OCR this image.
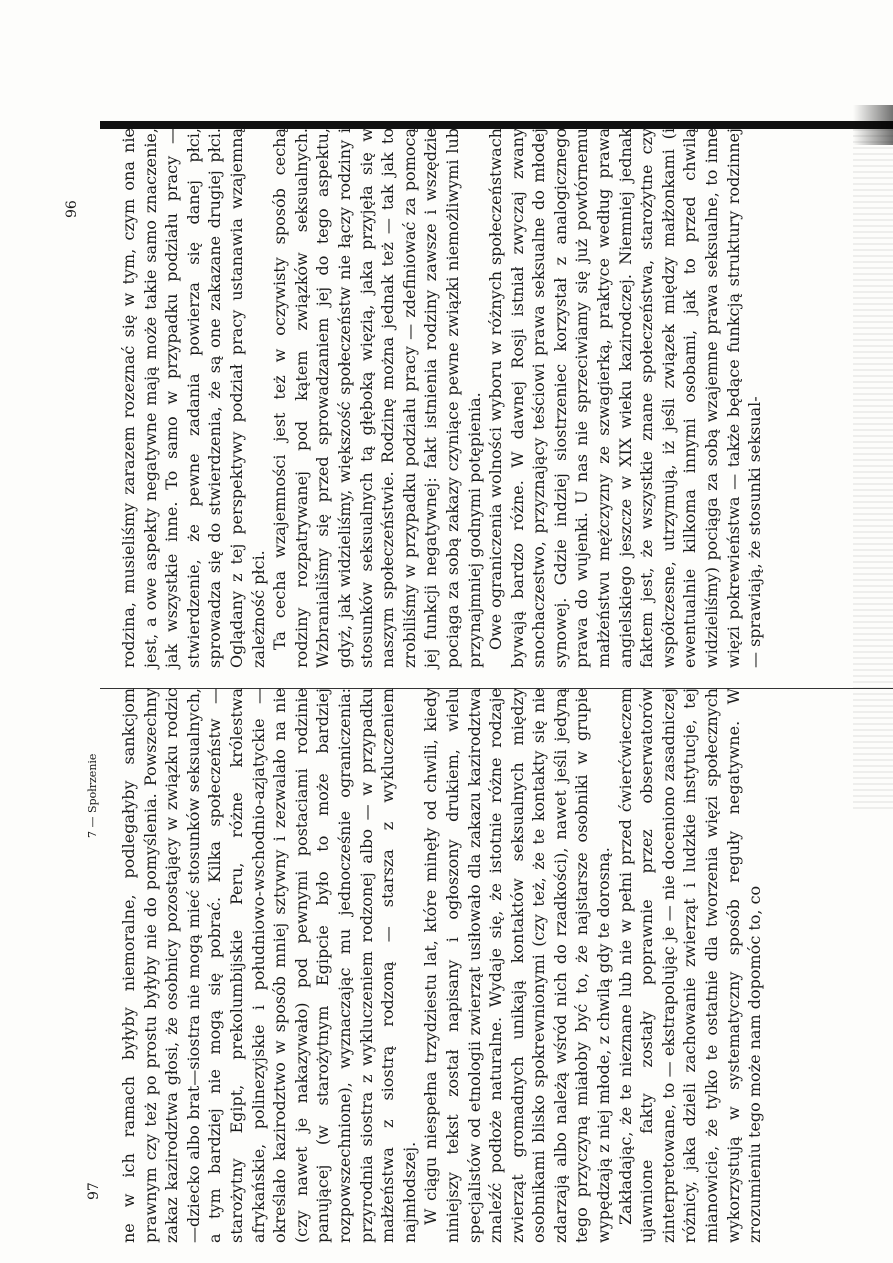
rodzina, musieliśmy zarazem rozeznać się w tym, czym ona nie jest, a owe aspekty negatywne mają może takie samo znaczenie, jak wszystkie inne. To samo w przypadku podziału pracy — stwierdzenie, że pewne zadania powierza się danej płci, sprowadza się do stwierdzenia, że są one zakazane drugiej płci. Oglądany z tej perspektywy podział pracy ustanawia wzajemną zależność płci. Ta cecha wzajemności jest też w oczywisty sposób cechą rodziny rozpatrywanej pod kątem związków seksualnych. Wzbraniališmy się przed sprowadzaniem jej do tego aspektu, gdyż, jak widzieliśmy, większość społeczeństw nie łączy rodziny i stosunków seksualnych tą głęboką więzią, jaka przyjęła się w naszym społeczeństwie. Rodzinę można jednak też — tak jak to zrobiliśmy w przypadku podziału pracy — zdefiniować za pomocą jej funkcji negatywnej: fakt istnienia rodziny zawsze i wszędzie pociąga za sobą zakazy czyniące pewne związki niemożliwymi lub przynajmniej godnymi potępienia. Owe ograniczenia wolności wyboru w różnych społeczeństwach bywają bardzo różne. W dawnej Rosji istniał zwyczaj zwany snochaczestwo, przyznający teściowi prawa seksualne do młodej synowej. Gdzie indziej siostrzeniec korzystał z analogicznego prawa do wujenki. U nas nie sprzeciwiamy się już powtórnemu małżeństwu mężczyzny ze szwagierką, praktyce według prawa angielskiego jeszcze w XIX wieku kazirodczej. Niemniej jednak faktem jest, że wszystkie znane społeczeństwa, starożytne czy współczesne, utrzymują, iż jeśli związek między małżonkami (i ewentualnie kilkoma innymi osobami, jak to przed chwilą widzieliśmy) pociąga za sobą wzajemne prawa seksualne, to inne więzi pokrewieństwa — także będące funkcją struktury rodzinnej — sprawiają, że stosunki seksual-

96

ne w ich ramach byłyby niemoralne, podlegałyby sankcjom prawnym czy też po prostu byłyby nie do pomyślenia. Powszechny zakaz kazirodztwa głosi, że osobnicy pozostający w związku rodzic—dziecko albo brat—siostra nie mogą mieć stosunków seksualnych, a tym bardziej nie mogą się pobrać. Kilka społeczeństw — starożytny Egipt, prekolumbijskie Peru, różne królestwa afrykańskie, polinezyjskie i południowo-wschodnio-azjatyckie — określało kazirodztwo w sposób mniej sztywny i zezwalało na nie (czy nawet je nakazywało) pod pewnymi postaciami rodzinie panującej (w starożytnym Egipcie było to może bardziej rozpowszechnione), wyznaczając mu jednocześnie ograniczenia: przyrodnia siostra z wykluczeniem rodzonej albo — w przypadku małżeństwa z siostrą rodzoną — starsza z wykluczeniem najmłodszej. W ciągu niespełna trzydziestu lat, które minęły od chwili, kiedy niniejszy tekst został napisany i ogłoszony drukiem, wielu specjalistów od etnologii zwierząt usiłowało dla zakazu kazirodztwa znaleźć podłoże naturalne. Wydaje się, że istotnie różne rodzaje zwierząt gromadnych unikają kontaktów seksualnych między osobnikami blisko spokrewnionymi (czy też, że te kontakty się nie zdarzają albo należą wśród nich do rzadkości), nawet jeśli jedyną tego przyczyną miałoby być to, że najstarsze osobniki w grupie wypędzają z niej młode, z chwilą gdy te dorosną. Zakładając, że te nieznane lub nie w pełni przed ćwierćwieczem ujawnione fakty zostały poprawnie przez obserwatorów zinterpretowane, to — ekstrapolując je — nie doceniono zasadniczej różnicy, jaka dzieli zachowanie zwierząt i ludzkie instytucje, tej mianowicie, że tylko te ostatnie dla tworzenia więzi społecznych wykorzystują w systematyczny sposób reguły negatywne. W zrozumieniu tego może nam dopomóc to, co

97
7 — Społrzenie
